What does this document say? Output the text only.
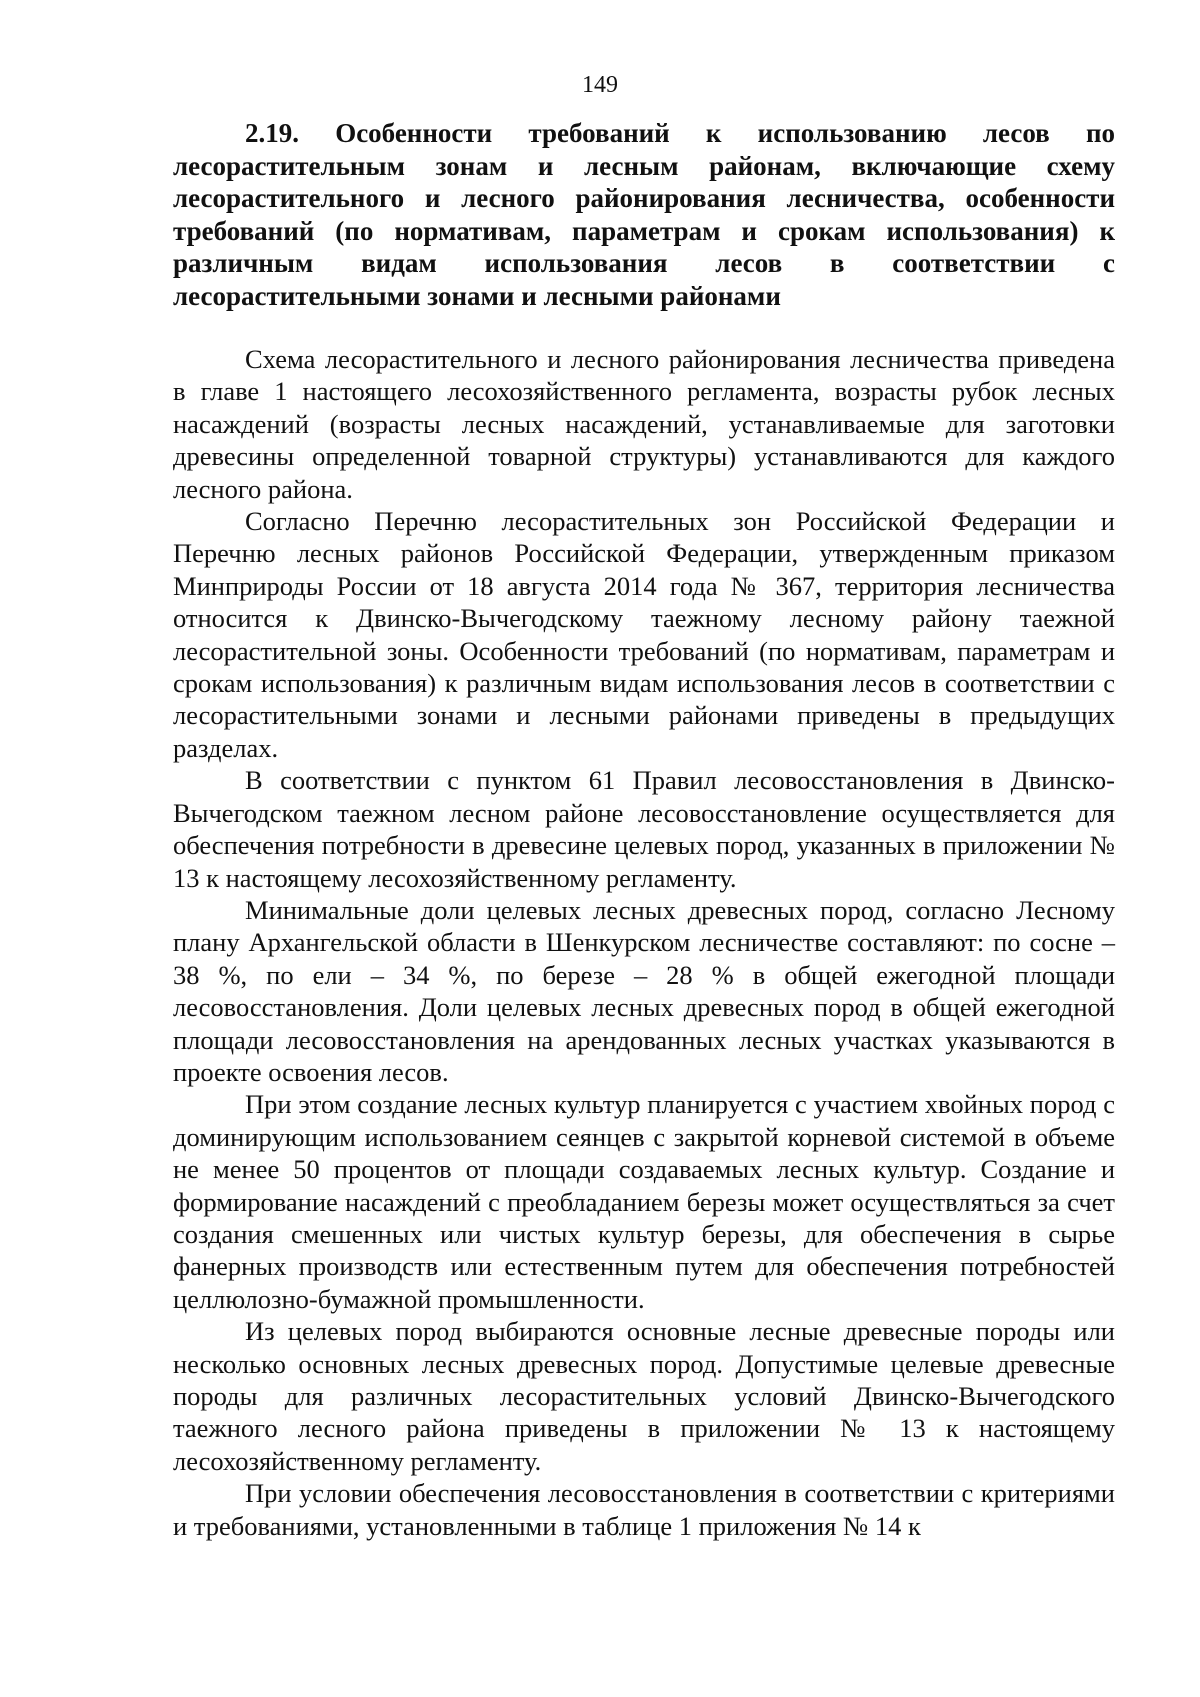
149

2.19. Особенности требований к использованию лесов по лесорастительным зонам и лесным районам, включающие схему лесорастительного и лесного районирования лесничества, особенности требований (по нормативам, параметрам и срокам использования) к различным видам использования лесов в соответствии с лесорастительными зонами и лесными районами

Схема лесорастительного и лесного районирования лесничества приведена в главе 1 настоящего лесохозяйственного регламента, возрасты рубок лесных насаждений (возрасты лесных насаждений, устанавливаемые для заготовки древесины определенной товарной структуры) устанавливаются для каждого лесного района.

Согласно Перечню лесорастительных зон Российской Федерации и Перечню лесных районов Российской Федерации, утвержденным приказом Минприроды России от 18 августа 2014 года № 367, территория лесничества относится к Двинско-Вычегодскому таежному лесному району таежной лесорастительной зоны. Особенности требований (по нормативам, параметрам и срокам использования) к различным видам использования лесов в соответствии с лесорастительными зонами и лесными районами приведены в предыдущих разделах.

В соответствии с пунктом 61 Правил лесовосстановления в Двинско-Вычегодском таежном лесном районе лесовосстановление осуществляется для обеспечения потребности в древесине целевых пород, указанных в приложении № 13 к настоящему лесохозяйственному регламенту.

Минимальные доли целевых лесных древесных пород, согласно Лесному плану Архангельской области в Шенкурском лесничестве составляют: по сосне – 38 %, по ели – 34 %, по березе – 28 % в общей ежегодной площади лесовосстановления. Доли целевых лесных древесных пород в общей ежегодной площади лесовосстановления на арендованных лесных участках указываются в проекте освоения лесов.

При этом создание лесных культур планируется с участием хвойных пород с доминирующим использованием сеянцев с закрытой корневой системой в объеме не менее 50 процентов от площади создаваемых лесных культур. Создание и формирование насаждений с преобладанием березы может осуществляться за счет создания смешенных или чистых культур березы, для обеспечения в сырье фанерных производств или естественным путем для обеспечения потребностей целлюлозно-бумажной промышленности.

Из целевых пород выбираются основные лесные древесные породы или несколько основных лесных древесных пород. Допустимые целевые древесные породы для различных лесорастительных условий Двинско-Вычегодского таежного лесного района приведены в приложении № 13 к настоящему лесохозяйственному регламенту.

При условии обеспечения лесовосстановления в соответствии с критериями и требованиями, установленными в таблице 1 приложения № 14 к
